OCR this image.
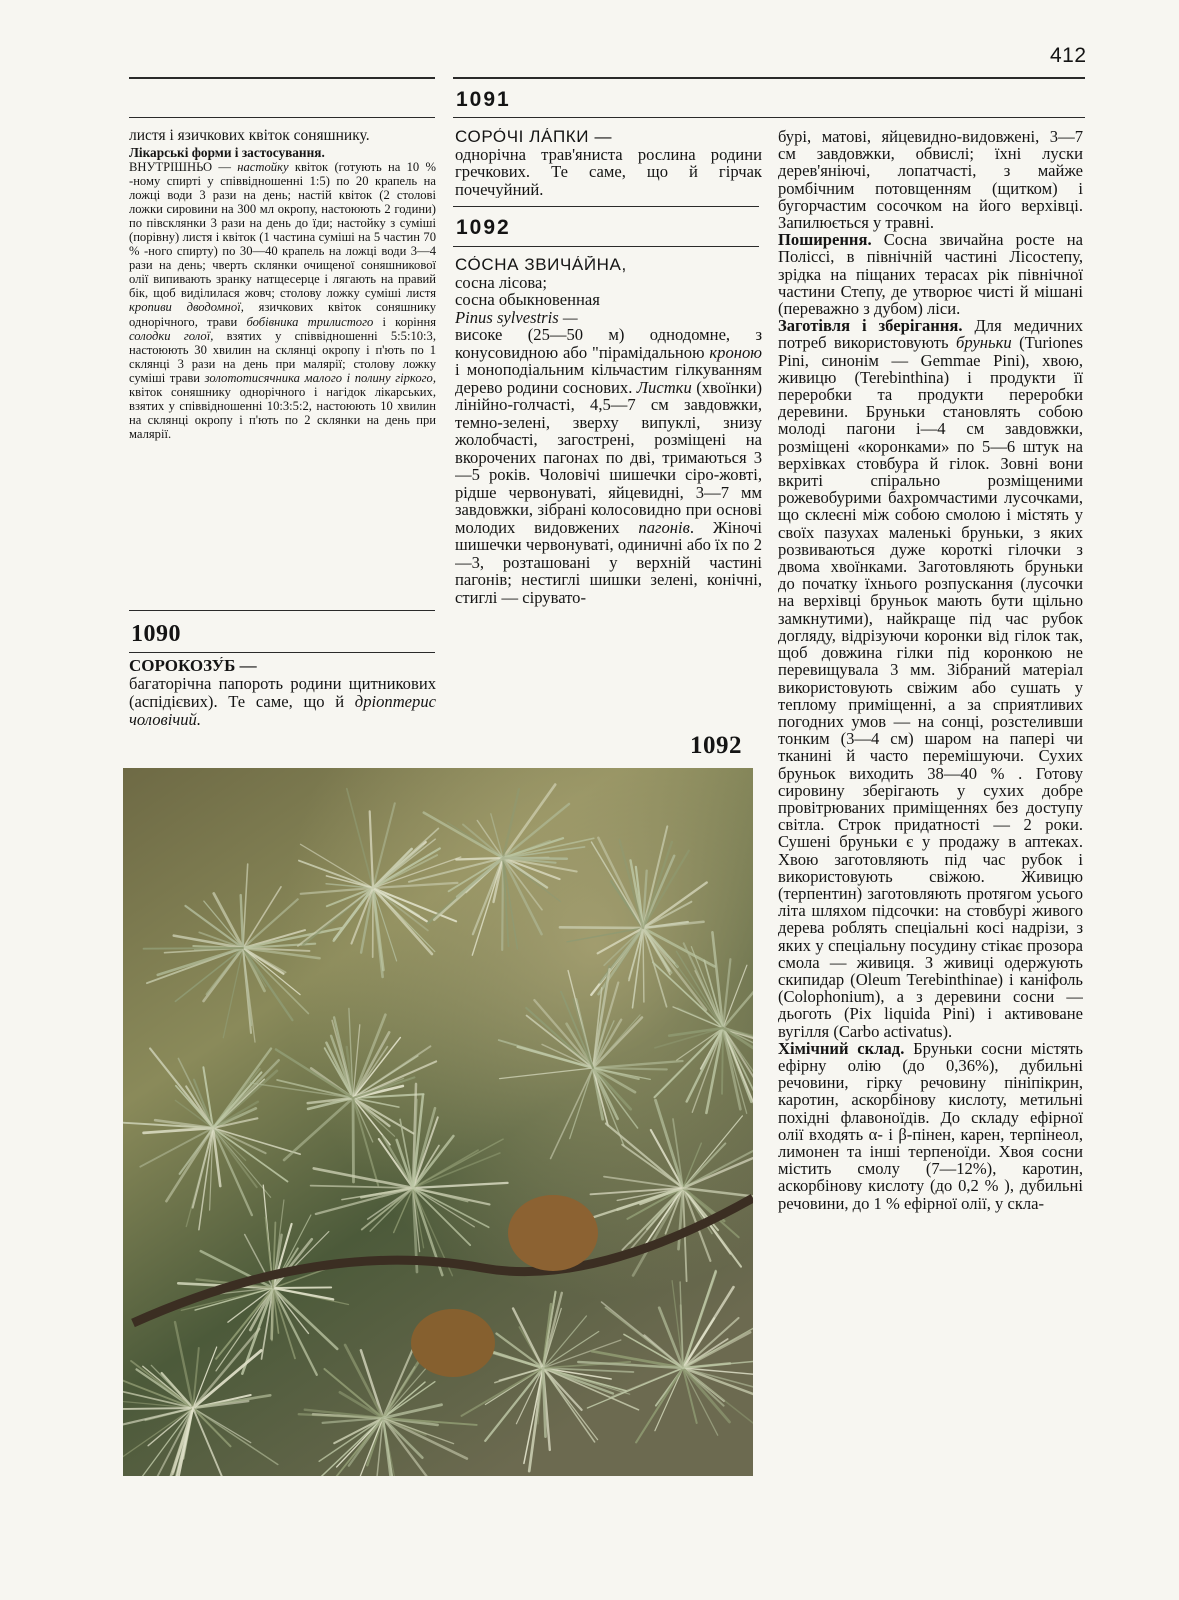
412
1091

листя і язичкових квіток соняшнику.

Лікарські форми і застосування.

ВНУТРІШНЬО — настойку квіток (готують на 10 % -ному спирті у співвідношенні 1:5) по 20 крапель на ложці води 3 рази на день; настій квіток (2 столові ложки сировини на 300 мл окропу, настоюють 2 години) по півсклянки 3 рази на день до їди; настойку з суміші (порівну) листя і квіток (1 частина суміші на 5 частин 70 % -ного спирту) по 30—40 крапель на ложці води 3—4 рази на день; чверть склянки очищеної соняшникової олії випивають зранку натщесерце і лягають на правий бік, щоб виділилася жовч; столову ложку суміші листя кропиви дводомної, язичкових квіток соняшнику однорічного, трави бобівника трилистого і коріння солодки голої, взятих у співвідношенні 5:5:10:3, настоюють 30 хвилин на склянці окропу і п'ють по 1 склянці 3 рази на день при малярії; столову ложку суміші трави золототисячника малого і полину гіркого, квіток соняшнику однорічного і нагідок лікарських, взятих у співвідношенні 10:3:5:2, настоюють 10 хвилин на склянці окропу і п'ють по 2 склянки на день при малярії.

1090

СОРОКОЗУ́Б —

багаторічна папороть родини щитникових (аспідієвих). Те саме, що й дріоптерис чоловічий.

СОРО́ЧІ ЛА́ПКИ —

однорічна трав'яниста рослина родини гречкових. Те саме, що й гірчак почечуйний.

1092

СО́СНА ЗВИЧА́ЙНА,

сосна лісова;

сосна обыкновенная

Pinus sylvestris —

високе (25—50 м) однодомне, з конусовидною або "пірамідальною кроною і моноподіальним кільчастим гілкуванням дерево родини соснових. Листки (хвоїнки) лінійно-голчасті, 4,5—7 см завдовжки, темно-зелені, зверху випуклі, знизу жолобчасті, загострені, розміщені на вкорочених пагонах по дві, тримаються 3—5 років. Чоловічі шишечки сіро-жовті, рідше червонуваті, яйцевидні, 3—7 мм завдовжки, зібрані колосовидно при основі молодих видовжених пагонів. Жіночі шишечки червонуваті, одиничні або їх по 2—3, розташовані у верхній частині пагонів; нестиглі шишки зелені, конічні, стиглі — сірувато-

1092

бурі, матові, яйцевидно-видовжені, 3—7 см завдовжки, обвислі; їхні луски дерев'яніючі, лопатчасті, з майже ромбічним потовщенням (щитком) і бугорчастим сосочком на його верхівці. Запилюється у травні.

Поширення. Сосна звичайна росте на Поліссі, в північній частині Лісостепу, зрідка на піщаних терасах рік північної частини Степу, де утворює чисті й мішані (переважно з дубом) ліси.

Заготівля і зберігання. Для медичних потреб використовують бруньки (Turiones Pini, синонім — Gemmae Pini), хвою, живицю (Terebinthina) і продукти її переробки та продукти переробки деревини. Бруньки становлять собою молоді пагони і—4 см завдовжки, розміщені «коронками» по 5—6 штук на верхівках стовбура й гілок. Зовні вони вкриті спірально розміщеними рожевобурими бахромчастими лусочками, що склеєні між собою смолою і містять у своїх пазухах маленькі бруньки, з яких розвиваються дуже короткі гілочки з двома хвоїнками. Заготовляють бруньки до початку їхнього розпускання (лусочки на верхівці бруньок мають бути щільно замкнутими), найкраще під час рубок догляду, відрізуючи коронки від гілок так, щоб довжина гілки під коронкою не перевищувала 3 мм. Зібраний матеріал використовують свіжим або сушать у теплому приміщенні, а за сприятливих погодних умов — на сонці, розстеливши тонким (3—4 см) шаром на папері чи тканині й часто перемішуючи. Сухих бруньок виходить 38—40 % . Готову сировину зберігають у сухих добре провітрюваних приміщеннях без доступу світла. Строк придатності — 2 роки. Сушені бруньки є у продажу в аптеках. Хвою заготовляють під час рубок і використовують свіжою. Живицю (терпентин) заготовляють протягом усього літа шляхом підсочки: на стовбурі живого дерева роблять спеціальні косі надрізи, з яких у спеціальну посудину стікає прозора смола — живиця. З живиці одержують скипидар (Oleum Terebinthinae) і каніфоль (Colophonium), а з деревини сосни — дьоготь (Pix liquida Pini) і активоване вугілля (Carbo activatus).

Хімічний склад. Бруньки сосни містять ефірну олію (до 0,36%), дубильні речовини, гірку речовину пініпікрин, каротин, аскорбінову кислоту, метильні похідні флавоноїдів. До складу ефірної олії входять α- і β-пінен, карен, терпінеол, лимонен та інші терпеноїди. Хвоя сосни містить смолу (7—12%), каротин, аскорбінову кислоту (до 0,2 % ), дубильні речовини, до 1 % ефірної олії, у скла-
